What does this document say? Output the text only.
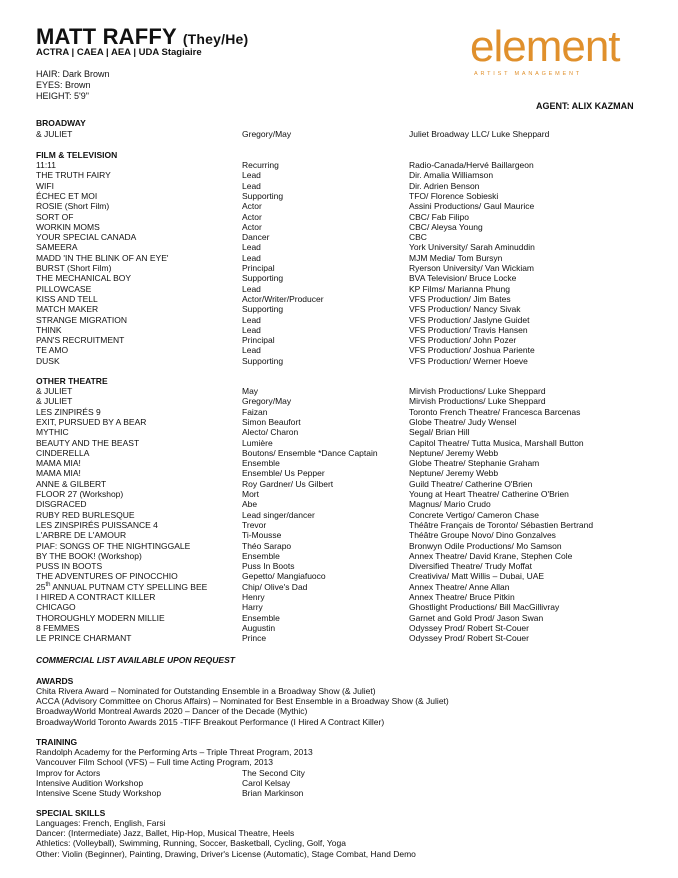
MATT RAFFY (They/He)
ACTRA | CAEA | AEA | UDA Stagiaire
HAIR: Dark Brown
EYES: Brown
HEIGHT: 5'9"
element
ARTIST MANAGEMENT
AGENT: ALIX KAZMAN
BROADWAY
& JULIET	Gregory/May	Juliet Broadway LLC/ Luke Sheppard
FILM & TELEVISION
11:11	Recurring	Radio-Canada/Hervé Baillargeon
THE TRUTH FAIRY	Lead	Dir. Amalia Williamson
WIFI	Lead	Dir. Adrien Benson
ÉCHEC ET MOI	Supporting	TFO/ Florence Sobieski
ROSIE (Short Film)	Actor	Assini Productions/ Gaul Maurice
SORT OF	Actor	CBC/ Fab Filipo
WORKIN MOMS	Actor	CBC/ Aleysa Young
YOUR SPECIAL CANADA	Dancer	CBC
SAMEERA	Lead	York University/ Sarah Aminuddin
MADD 'IN THE BLINK OF AN EYE'	Lead	MJM Media/ Tom Bursyn
BURST (Short Film)	Principal	Ryerson University/ Van Wickiam
THE MECHANICAL BOY	Supporting	BVA Television/ Bruce Locke
PILLOWCASE	Lead	KP Films/ Marianna Phung
KISS AND TELL	Actor/Writer/Producer	VFS Production/ Jim Bates
MATCH MAKER	Supporting	VFS Production/ Nancy Sivak
STRANGE MIGRATION	Lead	VFS Production/ Jaslyne Guidet
THINK	Lead	VFS Production/ Travis Hansen
PAN'S RECRUITMENT	Principal	VFS Production/ John Pozer
TE AMO	Lead	VFS Production/ Joshua Pariente
DUSK	Supporting	VFS Production/ Werner Hoeve
OTHER THEATRE
& JULIET	May	Mirvish Productions/ Luke Sheppard
& JULIET	Gregory/May	Mirvish Productions/ Luke Sheppard
LES ZINPIRÉS 9	Faizan	Toronto French Theatre/ Francesca Barcenas
EXIT, PURSUED BY A BEAR	Simon Beaufort	Globe Theatre/ Judy Wensel
MYTHIC	Alecto/ Charon	Segal/ Brian Hill
BEAUTY AND THE BEAST	Lumière	Capitol Theatre/ Tutta Musica, Marshall Button
CINDERELLA	Boutons/ Ensemble *Dance Captain	Neptune/ Jeremy Webb
MAMA MIA!	Ensemble	Globe Theatre/ Stephanie Graham
MAMA MIA!	Ensemble/ Us Pepper	Neptune/ Jeremy Webb
ANNE & GILBERT	Roy Gardner/ Us Gilbert	Guild Theatre/ Catherine O'Brien
FLOOR 27 (Workshop)	Mort	Young at Heart Theatre/ Catherine O'Brien
DISGRACED	Abe	Magnus/ Mario Crudo
RUBY RED BURLESQUE	Lead singer/dancer	Concrete Vertigo/ Cameron Chase
LES ZINSPIRÉS PUISSANCE 4	Trevor	Théâtre Français de Toronto/ Sébastien Bertrand
L'ARBRE DE L'AMOUR	Ti-Mousse	Théâtre Groupe Novo/ Dino Gonzalves
PIAF: SONGS OF THE NIGHTINGGALE	Théo Sarapo	Bronwyn Odile Productions/ Mo Samson
BY THE BOOK! (Workshop)	Ensemble	Annex Theatre/ David Krane, Stephen Cole
PUSS IN BOOTS	Puss In Boots	Diversified Theatre/ Trudy Moffat
THE ADVENTURES OF PINOCCHIO	Gepetto/ Mangiafuoco	Creativiva/ Matt Willis – Dubai, UAE
25th ANNUAL PUTNAM CTY SPELLING BEE	Chip/ Olive's Dad	Annex Theatre/ Anne Allan
I HIRED A CONTRACT KILLER	Henry	Annex Theatre/ Bruce Pitkin
CHICAGO	Harry	Ghostlight Productions/ Bill MacGillivray
THOROUGHLY MODERN MILLIE	Ensemble	Garnet and Gold Prod/ Jason Swan
8 FEMMES	Augustin	Odyssey Prod/ Robert St-Couer
LE PRINCE CHARMANT	Prince	Odyssey Prod/ Robert St-Couer
COMMERCIAL LIST AVAILABLE UPON REQUEST
AWARDS
Chita Rivera Award – Nominated for Outstanding Ensemble in a Broadway Show (& Juliet)
ACCA (Advisory Committee on Chorus Affairs) – Nominated for Best Ensemble in a Broadway Show (& Juliet)
BroadwayWorld Montreal Awards 2020 – Dancer of the Decade (Mythic)
BroadwayWorld Toronto Awards 2015 -TIFF Breakout Performance (I Hired A Contract Killer)
TRAINING
Randolph Academy for the Performing Arts – Triple Threat Program, 2013
Vancouver Film School (VFS) – Full time Acting Program, 2013
Improv for Actors	The Second City
Intensive Audition Workshop	Carol Kelsay
Intensive Scene Study Workshop	Brian Markinson
SPECIAL SKILLS
Languages: French, English, Farsi
Dancer: (Intermediate) Jazz, Ballet, Hip-Hop, Musical Theatre, Heels
Athletics: (Volleyball), Swimming, Running, Soccer, Basketball, Cycling, Golf, Yoga
Other: Violin (Beginner), Painting, Drawing, Driver's License (Automatic), Stage Combat, Hand Demo
